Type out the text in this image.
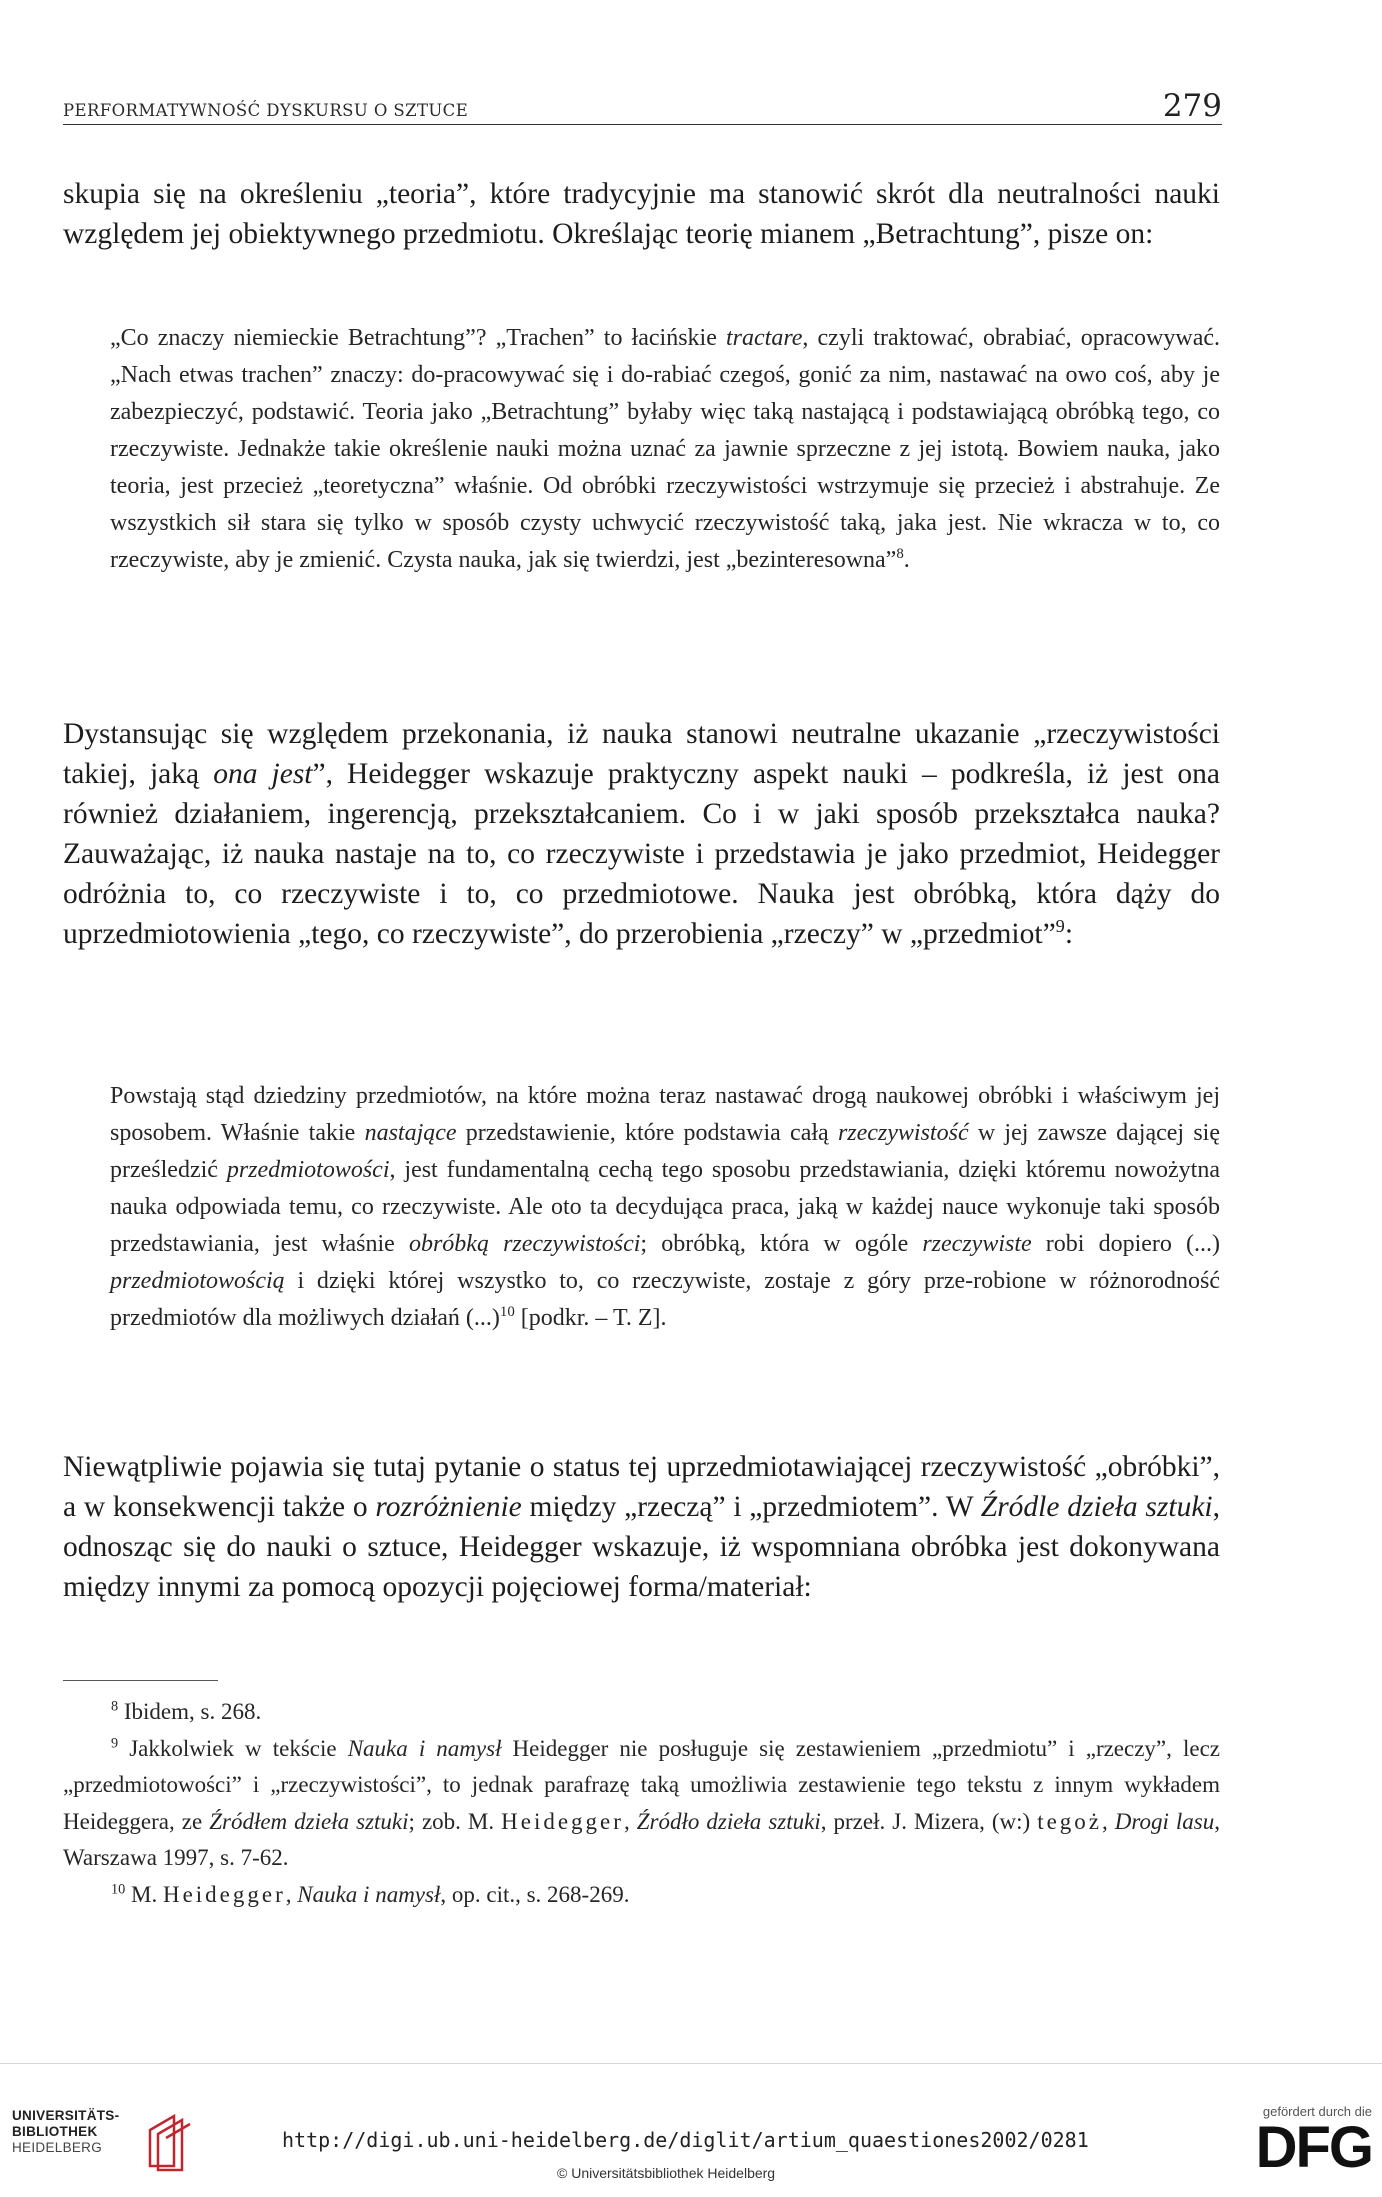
PERFORMATYWNOŚĆ DYSKURSU O SZTUCE	279
skupia się na określeniu „teoria”, które tradycyjnie ma stanowić skrót dla neutralności nauki względem jej obiektywnego przedmiotu. Określając teorię mianem „Betrachtung”, pisze on:
„Co znaczy niemieckie Betrachtung”? „Trachen” to łacińskie tractare, czyli traktować, obrabiać, opracowywać. „Nach etwas trachen” znaczy: do-pracowywać się i do-rabiać czegoś, gonić za nim, nastawać na owo coś, aby je zabezpieczyć, podstawić. Teoria jako „Betrachtung” byłaby więc taką nastającą i podstawiającą obróbką tego, co rzeczywiste. Jednakże takie określenie nauki można uznać za jawnie sprzeczne z jej istotą. Bowiem nauka, jako teoria, jest przecież „teoretyczna” właśnie. Od obróbki rzeczywistości wstrzymuje się przecież i abstrahuje. Ze wszystkich sił stara się tylko w sposób czysty uchwycić rzeczywistość taką, jaka jest. Nie wkracza w to, co rzeczywiste, aby je zmienić. Czysta nauka, jak się twierdzi, jest „bezinteresowna”$^8$.
Dystansując się względem przekonania, iż nauka stanowi neutralne ukazanie „rzeczywistości takiej, jaką ona jest”, Heidegger wskazuje praktyczny aspekt nauki – podkreśla, iż jest ona również działaniem, ingerencją, przekształcaniem. Co i w jaki sposób przekształca nauka? Zauważając, iż nauka nastaje na to, co rzeczywiste i przedstawia je jako przedmiot, Heidegger odróżnia to, co rzeczywiste i to, co przedmiotowe. Nauka jest obróbką, która dąży do uprzedmiotowienia „tego, co rzeczywiste”, do przerobienia „rzeczy” w „przedmiot”$^9$:
Powstają stąd dziedziny przedmiotów, na które można teraz nastawać drogą naukowej obróbki i właściwym jej sposobem. Właśnie takie nastające przedstawienie, które podstawia całą rzeczywistość w jej zawsze dającej się prześledzić przedmiotowości, jest fundamentalną cechą tego sposobu przedstawiania, dzięki któremu nowożytna nauka odpowiada temu, co rzeczywiste. Ale oto ta decydująca praca, jaką w każdej nauce wykonuje taki sposób przedstawiania, jest właśnie obróbką rzeczywistości; obróbką, która w ogóle rzeczywiste robi dopiero (...) przedmiotowością i dzięki której wszystko to, co rzeczywiste, zostaje z góry prze-robione w różnorodność przedmiotów dla możliwych działań (...)$^{10}$ [podkr. – T. Z].
Niewątpliwie pojawia się tutaj pytanie o status tej uprzedmiotawiającej rzeczywistość „obróbki”, a w konsekwencji także o rozróżnienie między „rzeczą” i „przedmiotem”. W Źródle dzieła sztuki, odnosząc się do nauki o sztuce, Heidegger wskazuje, iż wspomniana obróbka jest dokonywana między innymi za pomocą opozycji pojęciowej forma/materiał:

$^8$ Ibidem, s. 268.

$^9$ Jakkolwiek w tekście Nauka i namysł Heidegger nie posługuje się zestawieniem „przedmiotu” i „rzeczy”, lecz „przedmiotowości” i „rzeczywistości”, to jednak parafrazę taką umożliwia zestawienie tego tekstu z innym wykładem Heideggera, ze Źródłem dzieła sztuki; zob. M. Heidegger, Źródło dzieła sztuki, przeł. J. Mizera, (w:) tegoż, Drogi lasu, Warszawa 1997, s. 7-62.

$^{10}$ M. Heidegger, Nauka i namysł, op. cit., s. 268-269.

UNIVERSITÄTS-
BIBLIOTHEK
HEIDELBERG	http://digi.ub.uni-heidelberg.de/diglit/artium_quaestiones2002/0281
© Universitätsbibliothek Heidelberg
gefördert durch die
DFG
